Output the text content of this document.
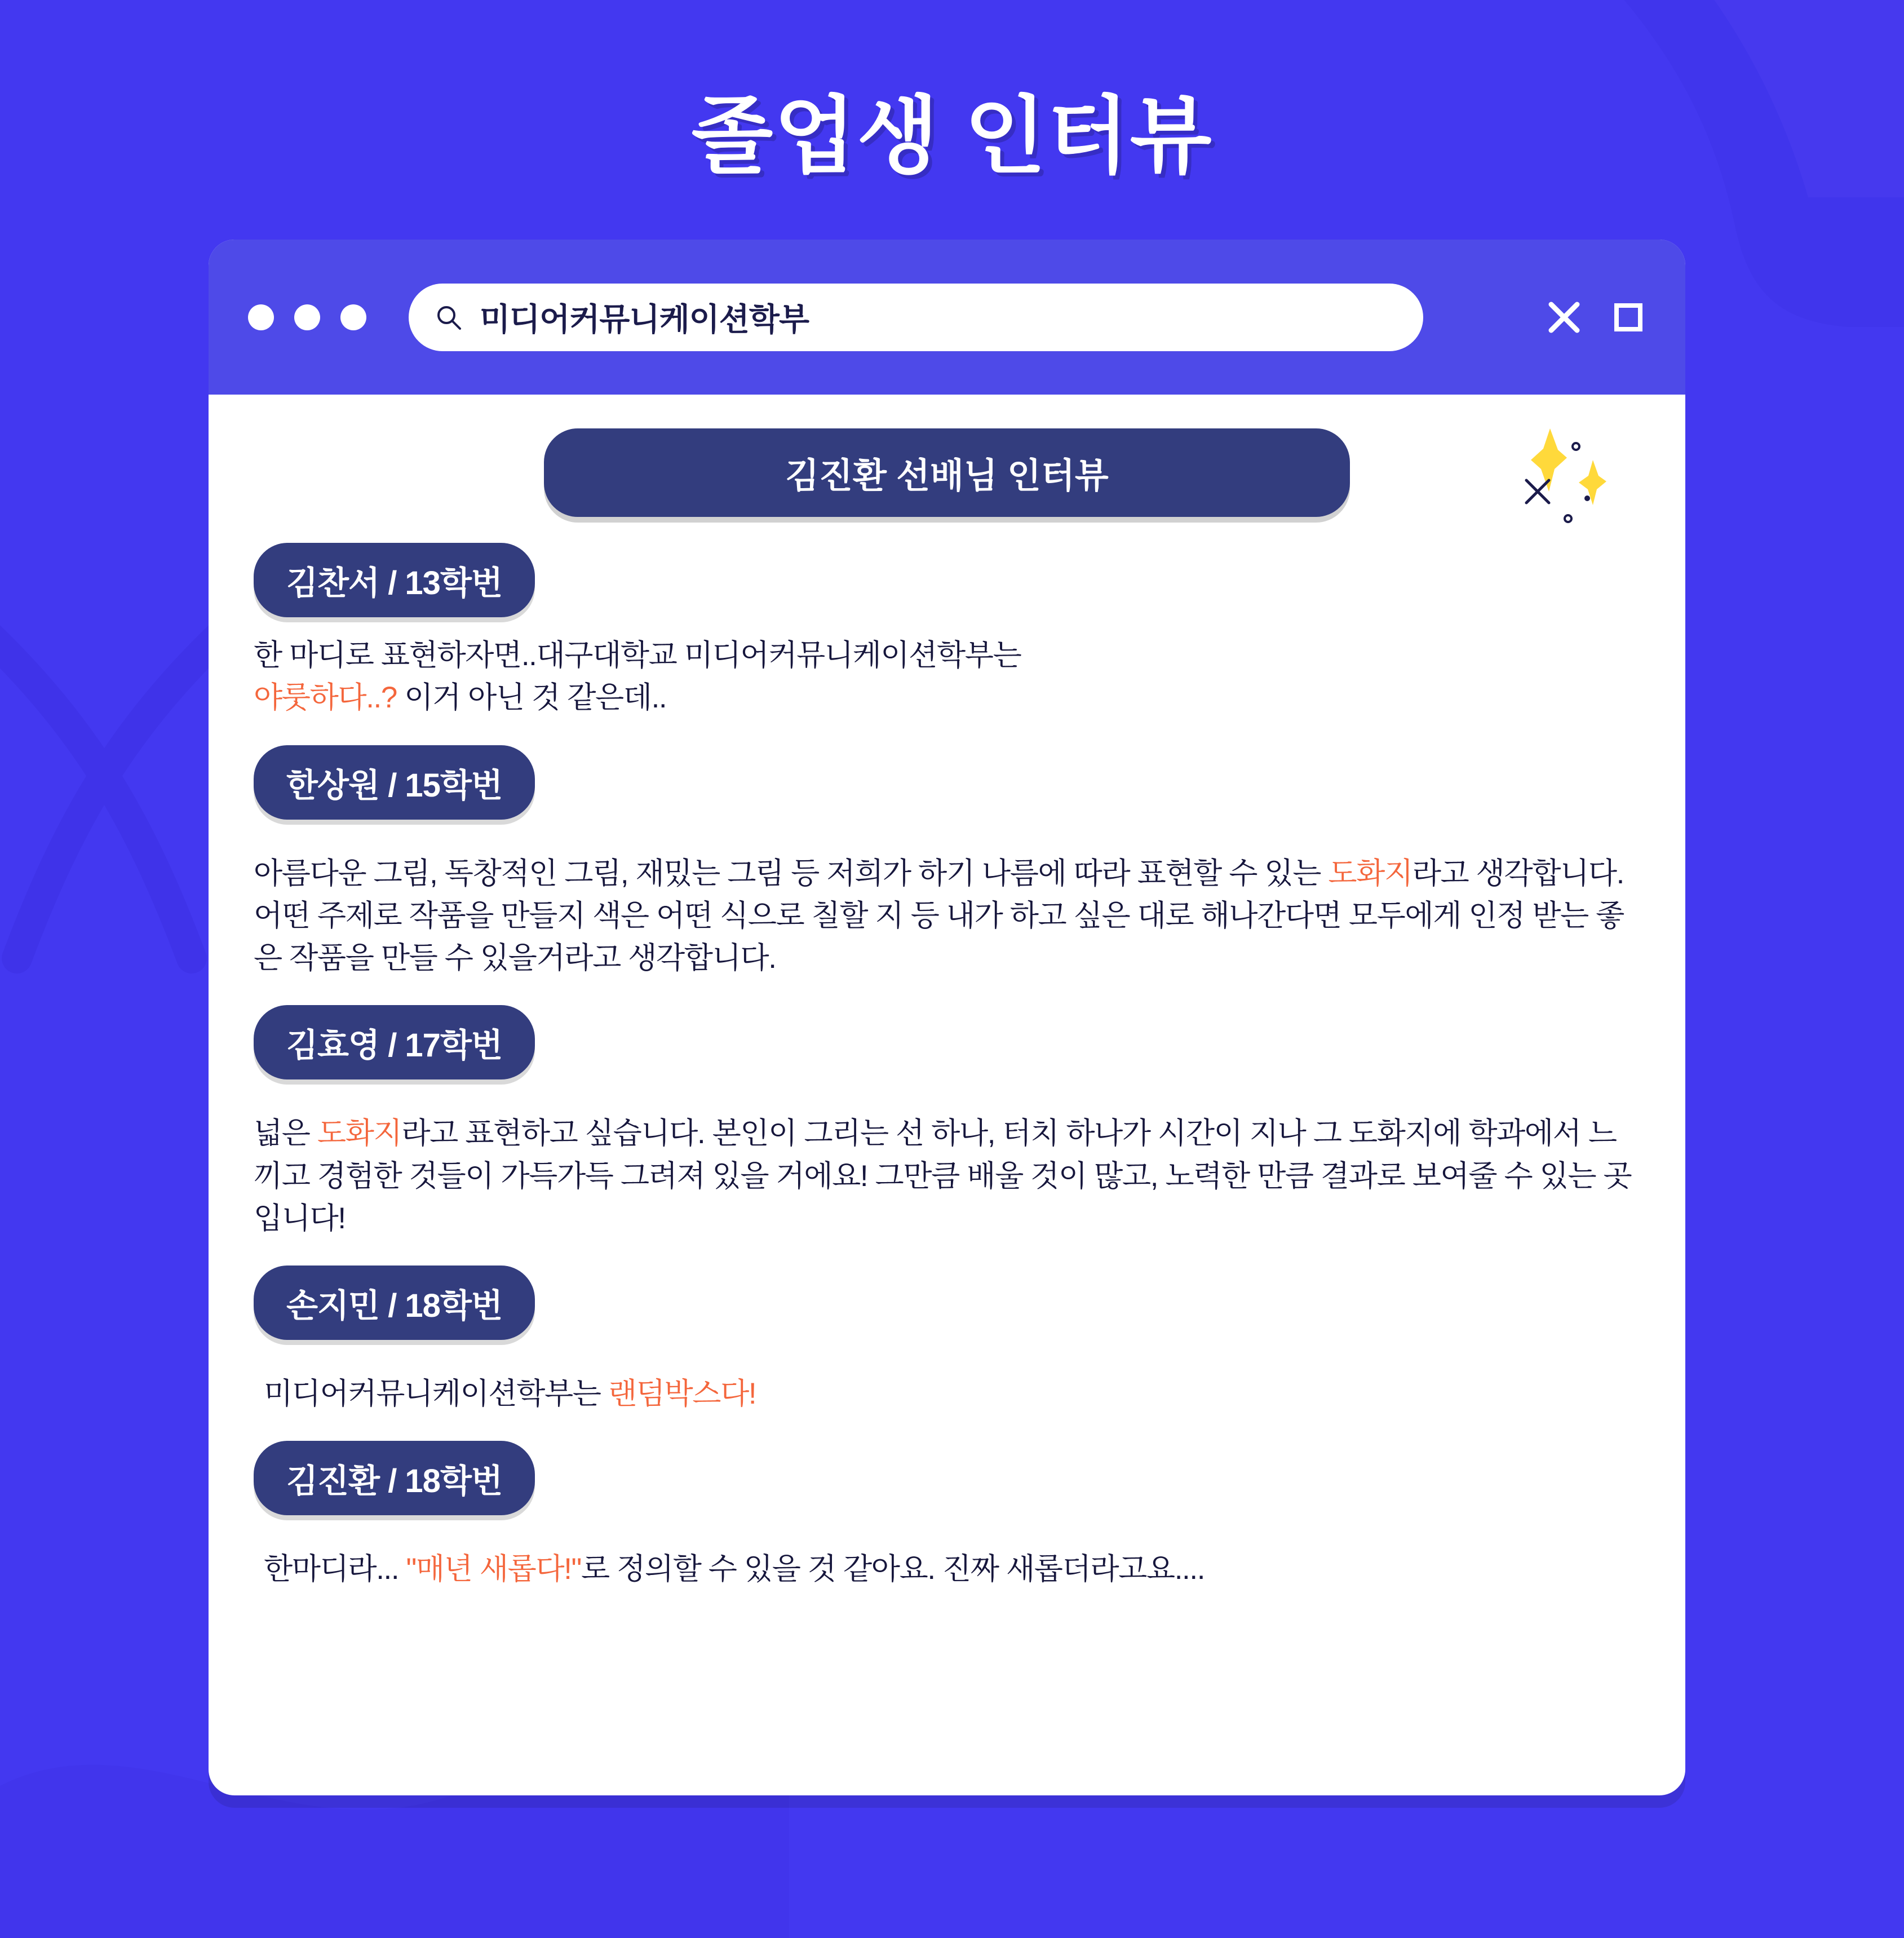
졸업생 인터뷰
미디어커뮤니케이션학부
김진환 선배님 인터뷰
김찬서 / 13학번
한 마디로 표현하자면..대구대학교 미디어커뮤니케이션학부는
야룻하다..? 이거 아닌 것 같은데..
한상원 / 15학번
아름다운 그림, 독창적인 그림, 재밌는 그림 등 저희가 하기 나름에 따라 표현할 수 있는 도화지라고 생각합니다. 어떤 주제로 작품을 만들지 색은 어떤 식으로 칠할 지 등 내가 하고 싶은 대로 해나간다면 모두에게 인정 받는 좋은 작품을 만들 수 있을거라고 생각합니다.
김효영 / 17학번
넓은 도화지라고 표현하고 싶습니다. 본인이 그리는 선 하나, 터치 하나가 시간이 지나 그 도화지에 학과에서 느끼고 경험한 것들이 가득가득 그려져 있을 거에요! 그만큼 배울 것이 많고, 노력한 만큼 결과로 보여줄 수 있는 곳입니다!
손지민 / 18학번
미디어커뮤니케이션학부는 랜덤박스다!
김진환 / 18학번
한마디라... "매년 새롭다!"로 정의할 수 있을 것 같아요. 진짜 새롭더라고요....
